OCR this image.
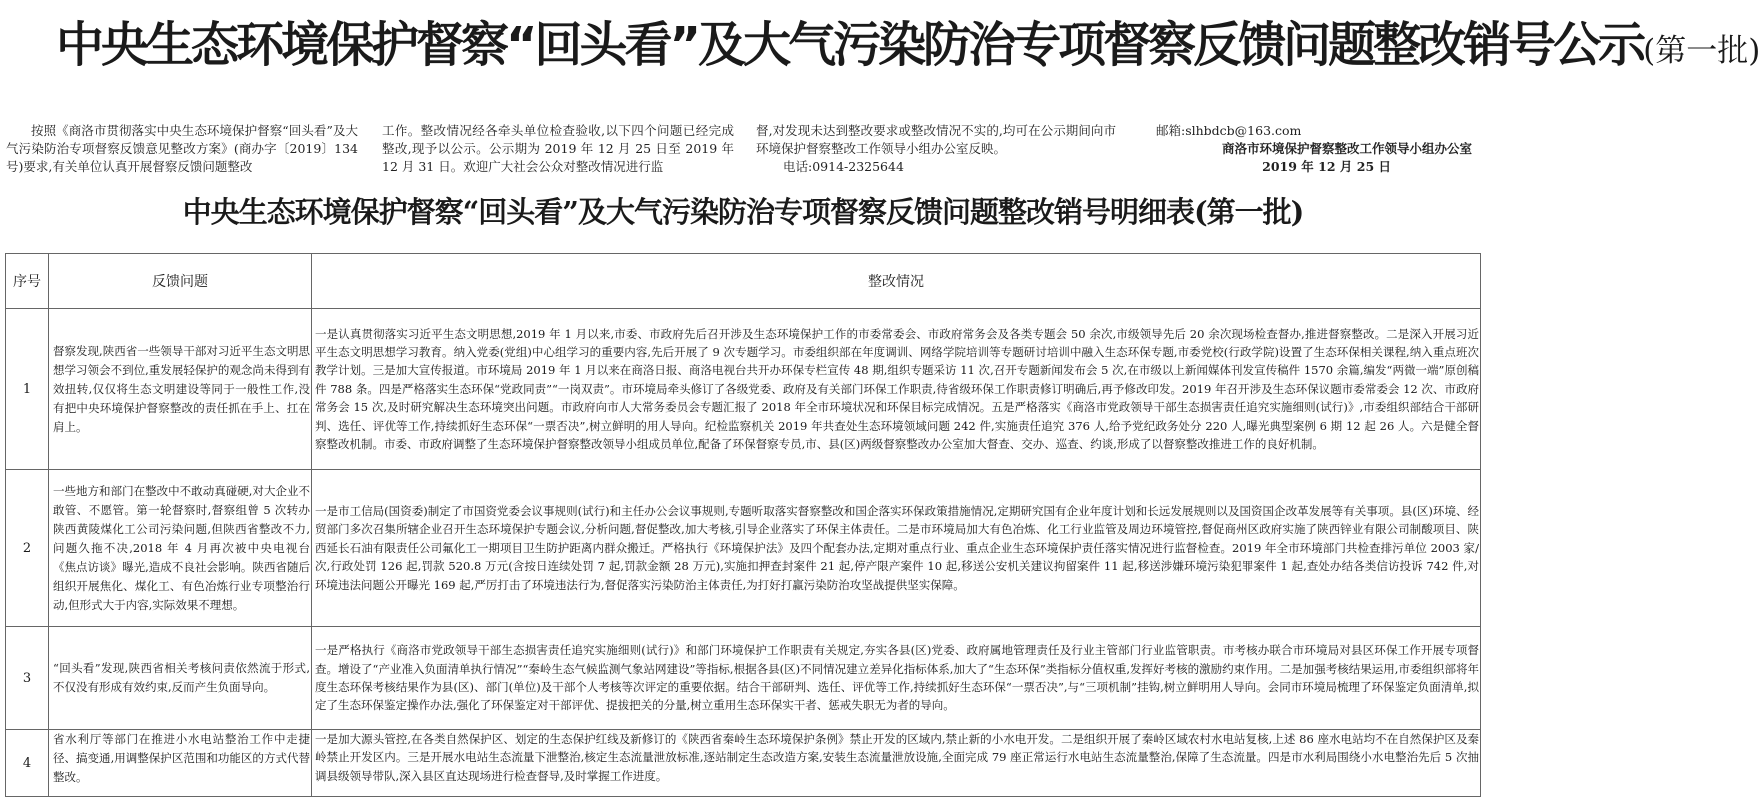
中央生态环境保护督察“回头看”及大气污染防治专项督察反馈问题整改销号公示(第一批)

按照《商洛市贯彻落实中央生态环境保护督察“回头看”及大气污染防治专项督察反馈意见整改方案》(商办字〔2019〕134号)要求,有关单位认真开展督察反馈问题整改

工作。整改情况经各牵头单位检查验收,以下四个问题已经完成整改,现予以公示。公示期为 2019 年 12 月 25 日至 2019 年 12 月 31 日。欢迎广大社会公众对整改情况进行监

督,对发现未达到整改要求或整改情况不实的,均可在公示期间向市环境保护督察整改工作领导小组办公室反映。

电话:0914-2325644

邮箱:slhbdcb@163.com

商洛市环境保护督察整改工作领导小组办公室

2019 年 12 月 25 日

中央生态环境保护督察“回头看”及大气污染防治专项督察反馈问题整改销号明细表(第一批)
序号	反馈问题	整改情况
1	督察发现,陕西省一些领导干部对习近平生态文明思想学习领会不到位,重发展轻保护的观念尚未得到有效扭转,仅仅将生态文明建设等同于一般性工作,没有把中央环境保护督察整改的责任抓在手上、扛在肩上。	一是认真贯彻落实习近平生态文明思想,2019 年 1 月以来,市委、市政府先后召开涉及生态环境保护工作的市委常委会、市政府常务会及各类专题会 50 余次,市级领导先后 20 余次现场检查督办,推进督察整改。二是深入开展习近平生态文明思想学习教育。纳入党委(党组)中心组学习的重要内容,先后开展了 9 次专题学习。市委组织部在年度调训、网络学院培训等专题研讨培训中融入生态环保专题,市委党校(行政学院)设置了生态环保相关课程,纳入重点班次教学计划。三是加大宣传报道。市环境局 2019 年 1 月以来在商洛日报、商洛电视台共开办环保专栏宣传 48 期,组织专题采访 11 次,召开专题新闻发布会 5 次,在市级以上新闻媒体刊发宣传稿件 1570 余篇,编发“两微一端”原创稿件 788 条。四是严格落实生态环保“党政同责”“一岗双责”。市环境局牵头修订了各级党委、政府及有关部门环保工作职责,待省级环保工作职责修订明确后,再予修改印发。2019 年召开涉及生态环保议题市委常委会 12 次、市政府常务会 15 次,及时研究解决生态环境突出问题。市政府向市人大常务委员会专题汇报了 2018 年全市环境状况和环保目标完成情况。五是严格落实《商洛市党政领导干部生态损害责任追究实施细则(试行)》,市委组织部结合干部研判、选任、评优等工作,持续抓好生态环保“一票否决”,树立鲜明的用人导向。纪检监察机关 2019 年共查处生态环境领域问题 242 件,实施责任追究 376 人,给予党纪政务处分 220 人,曝光典型案例 6 期 12 起 26 人。六是健全督察整改机制。市委、市政府调整了生态环境保护督察整改领导小组成员单位,配备了环保督察专员,市、县(区)两级督察整改办公室加大督查、交办、巡查、约谈,形成了以督察整改推进工作的良好机制。
2	一些地方和部门在整改中不敢动真碰硬,对大企业不敢管、不愿管。第一轮督察时,督察组曾 5 次转办陕西黄陵煤化工公司污染问题,但陕西省整改不力,问题久拖不决,2018 年 4 月再次被中央电视台《焦点访谈》曝光,造成不良社会影响。陕西省随后组织开展焦化、煤化工、有色冶炼行业专项整治行动,但形式大于内容,实际效果不理想。	一是市工信局(国资委)制定了市国资党委会议事规则(试行)和主任办公会议事规则,专题听取落实督察整改和国企落实环保政策措施情况,定期研究国有企业年度计划和长远发展规则以及国资国企改革发展等有关事项。县(区)环境、经贸部门多次召集所辖企业召开生态环境保护专题会议,分析问题,督促整改,加大考核,引导企业落实了环保主体责任。二是市环境局加大有色冶炼、化工行业监管及周边环境管控,督促商州区政府实施了陕西锌业有限公司制酸项目、陕西延长石油有限责任公司氟化工一期项目卫生防护距离内群众搬迁。严格执行《环境保护法》及四个配套办法,定期对重点行业、重点企业生态环境保护责任落实情况进行监督检查。2019 年全市环境部门共检查排污单位 2003 家/次,行政处罚 126 起,罚款 520.8 万元(含按日连续处罚 7 起,罚款金额 28 万元),实施扣押查封案件 21 起,停产限产案件 10 起,移送公安机关建议拘留案件 11 起,移送涉嫌环境污染犯罪案件 1 起,查处办结各类信访投诉 742 件,对环境违法问题公开曝光 169 起,严厉打击了环境违法行为,督促落实污染防治主体责任,为打好打赢污染防治攻坚战提供坚实保障。
3	“回头看”发现,陕西省相关考核问责依然流于形式,不仅没有形成有效约束,反而产生负面导向。	一是严格执行《商洛市党政领导干部生态损害责任追究实施细则(试行)》和部门环境保护工作职责有关规定,夯实各县(区)党委、政府属地管理责任及行业主管部门行业监管职责。市考核办联合市环境局对县区环保工作开展专项督查。增设了“产业准入负面清单执行情况”“秦岭生态气候监测气象站网建设”等指标,根据各县(区)不同情况建立差异化指标体系,加大了“生态环保”类指标分值权重,发挥好考核的激励约束作用。二是加强考核结果运用,市委组织部将年度生态环保考核结果作为县(区)、部门(单位)及干部个人考核等次评定的重要依据。结合干部研判、选任、评优等工作,持续抓好生态环保“一票否决”,与“三项机制”挂钩,树立鲜明用人导向。会同市环境局梳理了环保鉴定负面清单,拟定了生态环保鉴定操作办法,强化了环保鉴定对干部评优、提拔把关的分量,树立重用生态环保实干者、惩戒失职无为者的导向。
4	省水利厅等部门在推进小水电站整治工作中走捷径、搞变通,用调整保护区范围和功能区的方式代替整改。	一是加大源头管控,在各类自然保护区、划定的生态保护红线及新修订的《陕西省秦岭生态环境保护条例》禁止开发的区域内,禁止新的小水电开发。二是组织开展了秦岭区域农村水电站复核,上述 86 座水电站均不在自然保护区及秦岭禁止开发区内。三是开展水电站生态流量下泄整治,核定生态流量泄放标准,逐站制定生态改造方案,安装生态流量泄放设施,全面完成 79 座正常运行水电站生态流量整治,保障了生态流量。四是市水利局围绕小水电整治先后 5 次抽调县级领导带队,深入县区直达现场进行检查督导,及时掌握工作进度。
